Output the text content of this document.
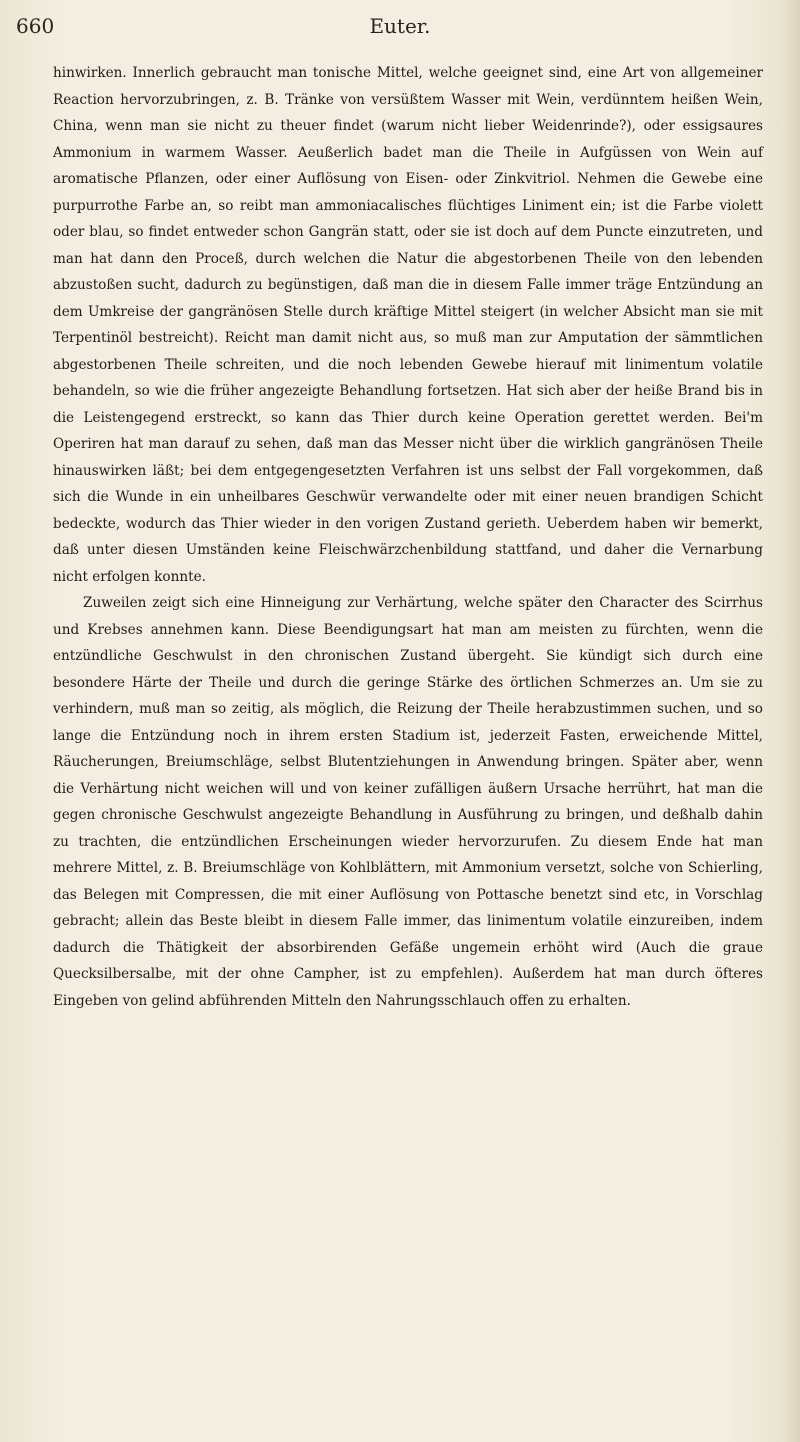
660	Euter.

hinwirken. Innerlich gebraucht man tonische Mittel, welche geeignet sind, eine Art von allgemeiner Reaction hervorzubringen, z. B. Tränke von versüßtem Wasser mit Wein, verdünntem heißen Wein, China, wenn man sie nicht zu theuer findet (warum nicht lieber Weidenrinde?), oder essigsaures Ammonium in warmem Wasser. Aeußerlich badet man die Theile in Aufgüssen von Wein auf aromatische Pflanzen, oder einer Auflösung von Eisen- oder Zinkvitriol. Nehmen die Gewebe eine purpurrothe Farbe an, so reibt man ammoniacalisches flüchtiges Liniment ein; ist die Farbe violett oder blau, so findet entweder schon Gangrän statt, oder sie ist doch auf dem Puncte einzutreten, und man hat dann den Proceß, durch welchen die Natur die abgestorbenen Theile von den lebenden abzustoßen sucht, dadurch zu begünstigen, daß man die in diesem Falle immer träge Entzündung an dem Umkreise der gangränösen Stelle durch kräftige Mittel steigert (in welcher Absicht man sie mit Terpentinöl bestreicht). Reicht man damit nicht aus, so muß man zur Amputation der sämmtlichen abgestorbenen Theile schreiten, und die noch lebenden Gewebe hierauf mit linimentum volatile behandeln, so wie die früher angezeigte Behandlung fortsetzen. Hat sich aber der heiße Brand bis in die Leistengegend erstreckt, so kann das Thier durch keine Operation gerettet werden. Bei'm Operiren hat man darauf zu sehen, daß man das Messer nicht über die wirklich gangränösen Theile hinauswirken läßt; bei dem entgegengesetzten Verfahren ist uns selbst der Fall vorgekommen, daß sich die Wunde in ein unheilbares Geschwür verwandelte oder mit einer neuen brandigen Schicht bedeckte, wodurch das Thier wieder in den vorigen Zustand gerieth. Ueberdem haben wir bemerkt, daß unter diesen Umständen keine Fleischwärzchenbildung stattfand, und daher die Vernarbung nicht erfolgen konnte.

Zuweilen zeigt sich eine Hinneigung zur Verhärtung, welche später den Character des Scirrhus und Krebses annehmen kann. Diese Beendigungsart hat man am meisten zu fürchten, wenn die entzündliche Geschwulst in den chronischen Zustand übergeht. Sie kündigt sich durch eine besondere Härte der Theile und durch die geringe Stärke des örtlichen Schmerzes an. Um sie zu verhindern, muß man so zeitig, als möglich, die Reizung der Theile herabzustimmen suchen, und so lange die Entzündung noch in ihrem ersten Stadium ist, jederzeit Fasten, erweichende Mittel, Räucherungen, Breiumschläge, selbst Blutentziehungen in Anwendung bringen. Später aber, wenn die Verhärtung nicht weichen will und von keiner zufälligen äußern Ursache herrührt, hat man die gegen chronische Geschwulst angezeigte Behandlung in Ausführung zu bringen, und deßhalb dahin zu trachten, die entzündlichen Erscheinungen wieder hervorzurufen. Zu diesem Ende hat man mehrere Mittel, z. B. Breiumschläge von Kohlblättern, mit Ammonium versetzt, solche von Schierling, das Belegen mit Compressen, die mit einer Auflösung von Pottasche benetzt sind etc, in Vorschlag gebracht; allein das Beste bleibt in diesem Falle immer, das linimentum volatile einzureiben, indem dadurch die Thätigkeit der absorbirenden Gefäße ungemein erhöht wird (Auch die graue Quecksilbersalbe, mit der ohne Campher, ist zu empfehlen). Außerdem hat man durch öfteres Eingeben von gelind abführenden Mitteln den Nahrungsschlauch offen zu erhalten.
